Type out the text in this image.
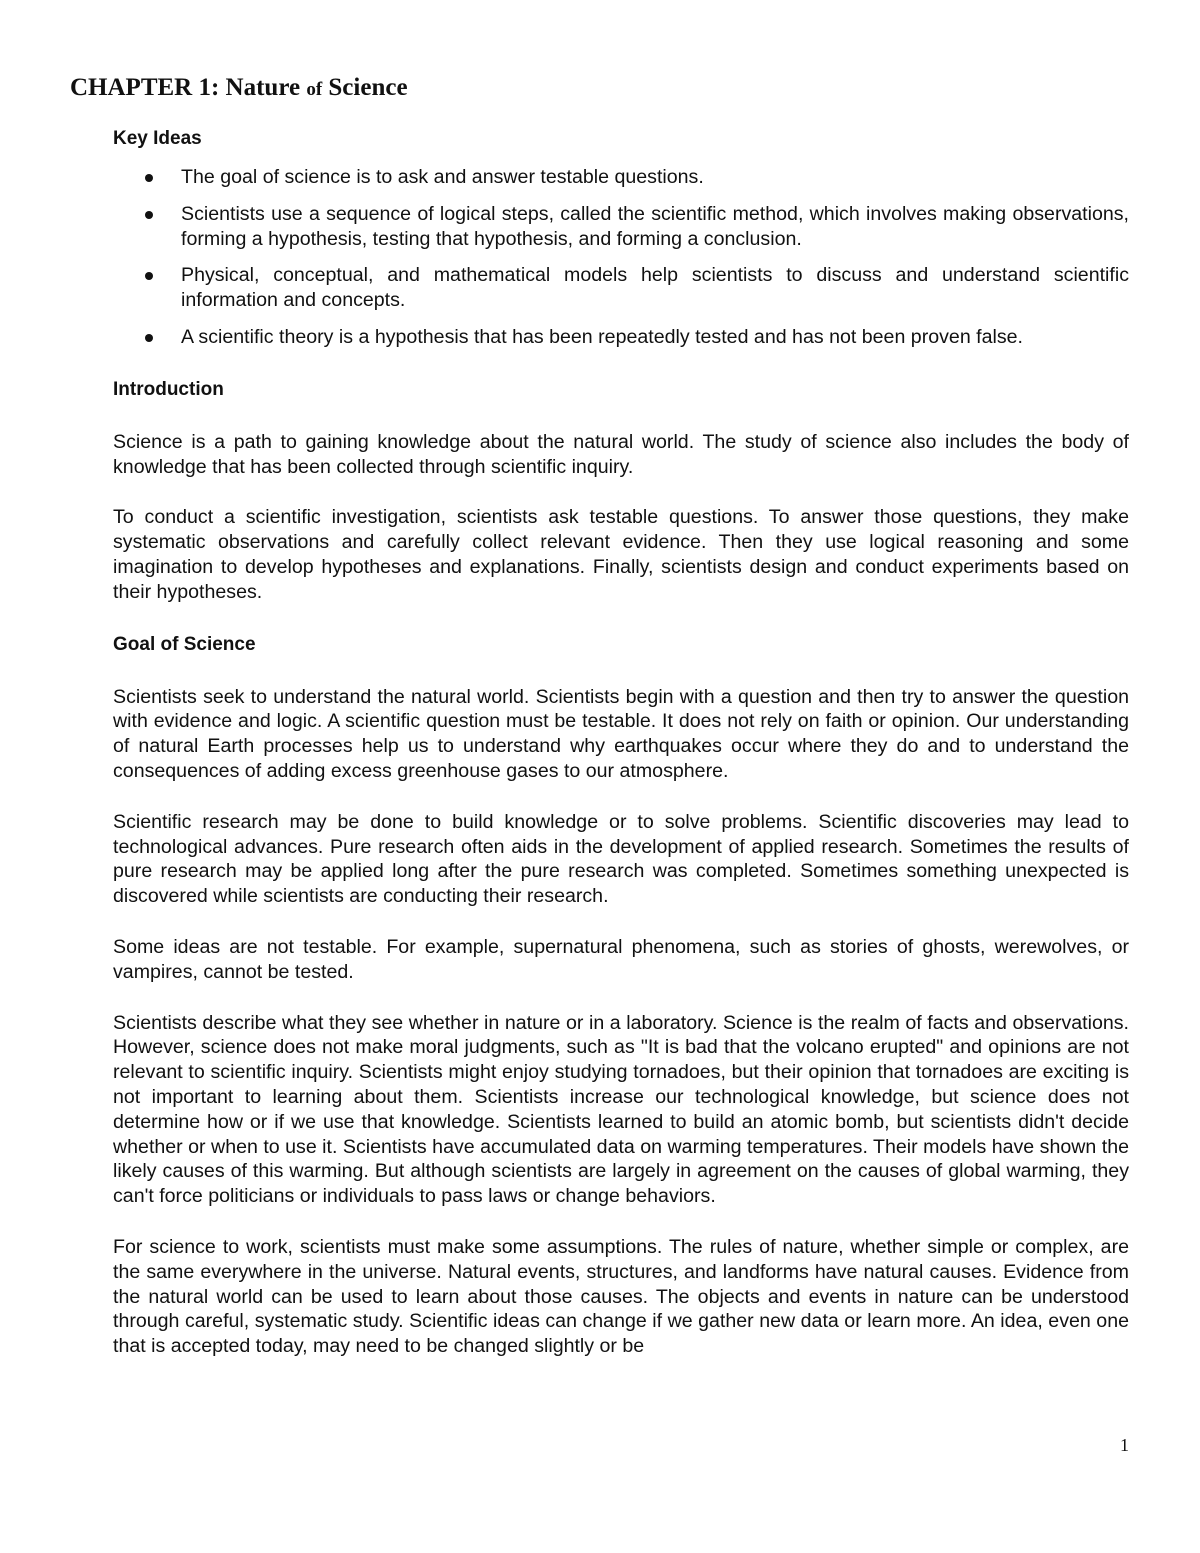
CHAPTER 1: Nature of Science
Key Ideas
The goal of science is to ask and answer testable questions.
Scientists use a sequence of logical steps, called the scientific method, which involves making observations, forming a hypothesis, testing that hypothesis, and forming a conclusion.
Physical, conceptual, and mathematical models help scientists to discuss and understand scientific information and concepts.
A scientific theory is a hypothesis that has been repeatedly tested and has not been proven false.
Introduction

Science is a path to gaining knowledge about the natural world. The study of science also includes the body of knowledge that has been collected through scientific inquiry.

To conduct a scientific investigation, scientists ask testable questions. To answer those questions, they make systematic observations and carefully collect relevant evidence. Then they use logical reasoning and some imagination to develop hypotheses and explanations. Finally, scientists design and conduct experiments based on their hypotheses.

Goal of Science

Scientists seek to understand the natural world. Scientists begin with a question and then try to answer the question with evidence and logic. A scientific question must be testable. It does not rely on faith or opinion. Our understanding of natural Earth processes help us to understand why earthquakes occur where they do and to understand the consequences of adding excess greenhouse gases to our atmosphere.

Scientific research may be done to build knowledge or to solve problems. Scientific discoveries may lead to technological advances. Pure research often aids in the development of applied research. Sometimes the results of pure research may be applied long after the pure research was completed. Sometimes something unexpected is discovered while scientists are conducting their research.

Some ideas are not testable. For example, supernatural phenomena, such as stories of ghosts, werewolves, or vampires, cannot be tested.

Scientists describe what they see whether in nature or in a laboratory. Science is the realm of facts and observations. However, science does not make moral judgments, such as "It is bad that the volcano erupted" and opinions are not relevant to scientific inquiry. Scientists might enjoy studying tornadoes, but their opinion that tornadoes are exciting is not important to learning about them. Scientists increase our technological knowledge, but science does not determine how or if we use that knowledge. Scientists learned to build an atomic bomb, but scientists didn't decide whether or when to use it. Scientists have accumulated data on warming temperatures. Their models have shown the likely causes of this warming. But although scientists are largely in agreement on the causes of global warming, they can't force politicians or individuals to pass laws or change behaviors.

For science to work, scientists must make some assumptions. The rules of nature, whether simple or complex, are the same everywhere in the universe. Natural events, structures, and landforms have natural causes. Evidence from the natural world can be used to learn about those causes. The objects and events in nature can be understood through careful, systematic study. Scientific ideas can change if we gather new data or learn more. An idea, even one that is accepted today, may need to be changed slightly or be

1
